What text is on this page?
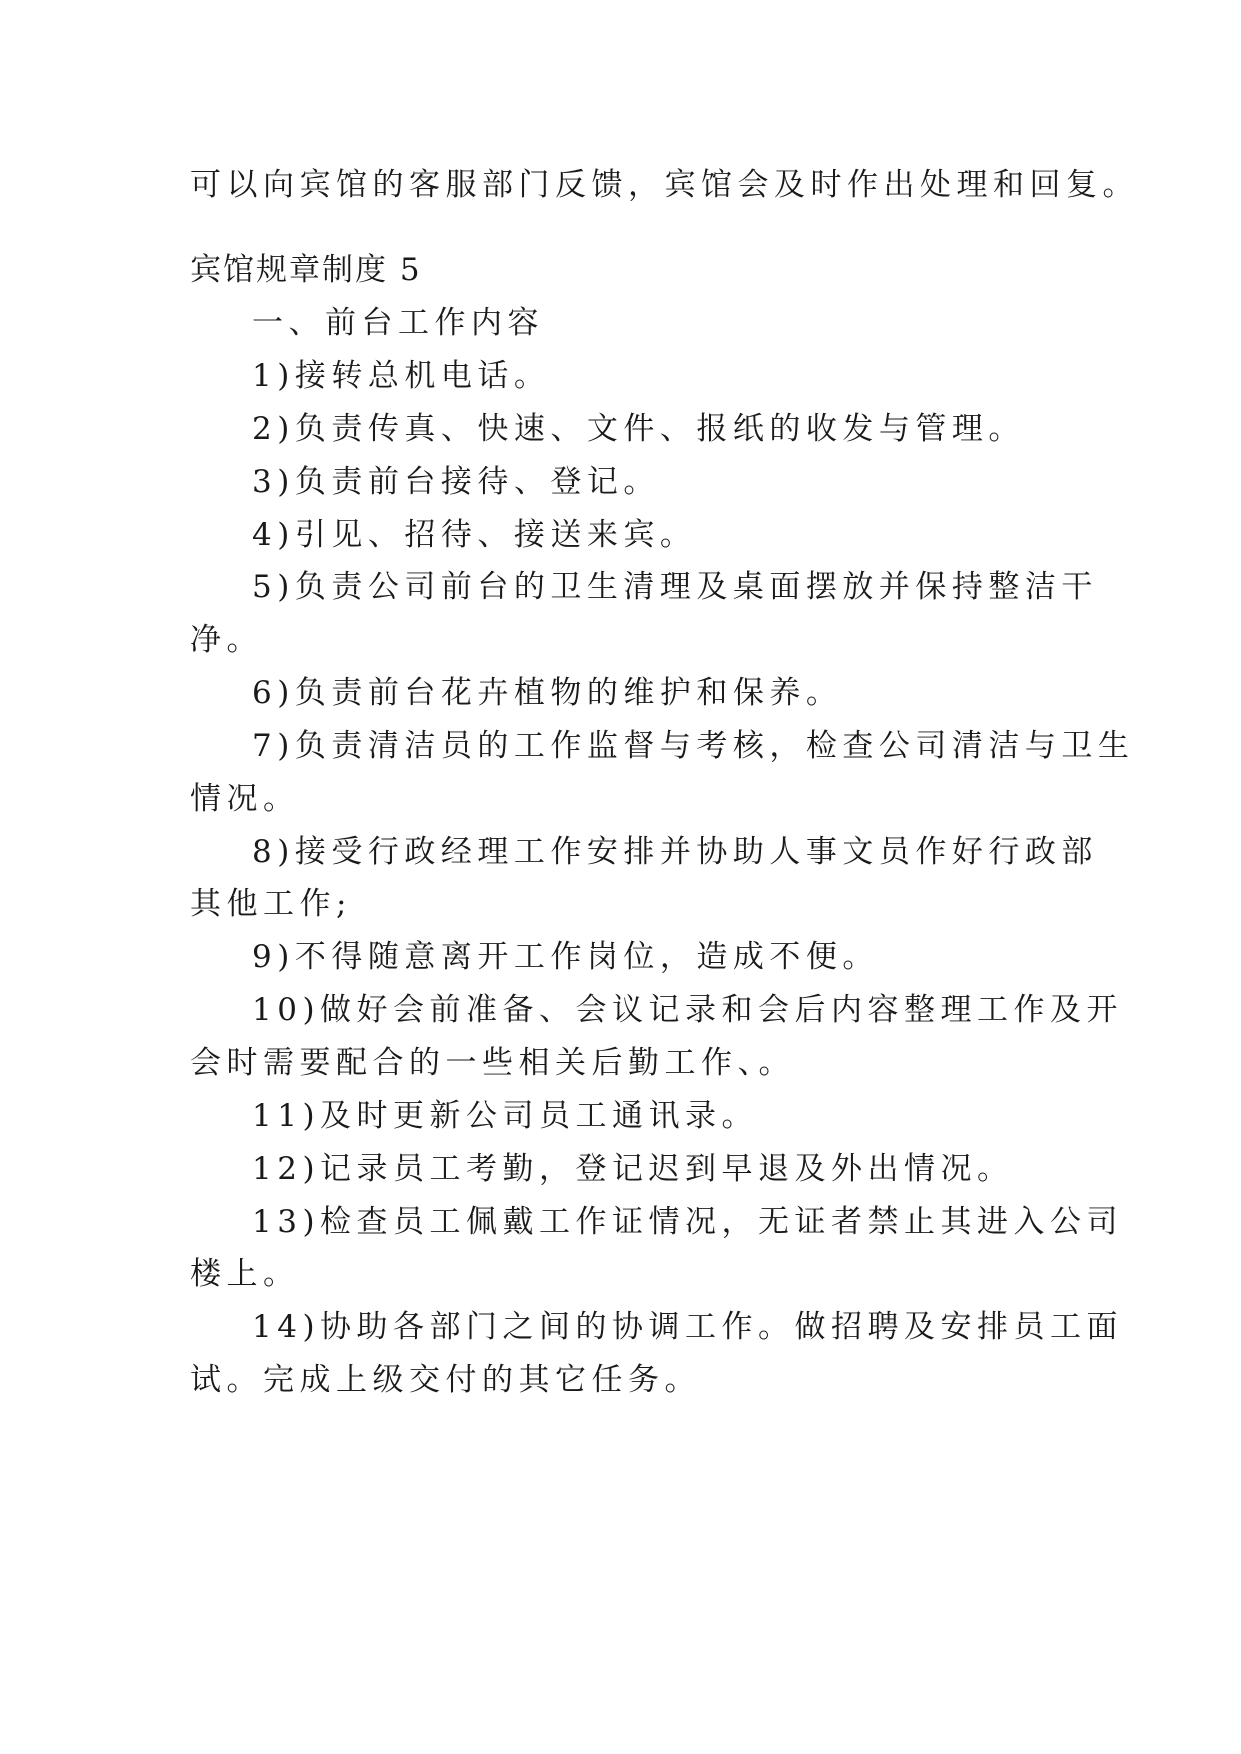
可以向宾馆的客服部门反馈，宾馆会及时作出处理和回复。
宾馆规章制度 5
一、前台工作内容
1)接转总机电话。
2)负责传真、快速、文件、报纸的收发与管理。
3)负责前台接待、登记。
4)引见、招待、接送来宾。
5)负责公司前台的卫生清理及桌面摆放并保持整洁干
净。
6)负责前台花卉植物的维护和保养。
7)负责清洁员的工作监督与考核，检查公司清洁与卫生
情况。
8)接受行政经理工作安排并协助人事文员作好行政部
其他工作;
9)不得随意离开工作岗位，造成不便。
10)做好会前准备、会议记录和会后内容整理工作及开
会时需要配合的一些相关后勤工作、。
11)及时更新公司员工通讯录。
12)记录员工考勤，登记迟到早退及外出情况。
13)检查员工佩戴工作证情况，无证者禁止其进入公司
楼上。
14)协助各部门之间的协调工作。做招聘及安排员工面
试。完成上级交付的其它任务。
